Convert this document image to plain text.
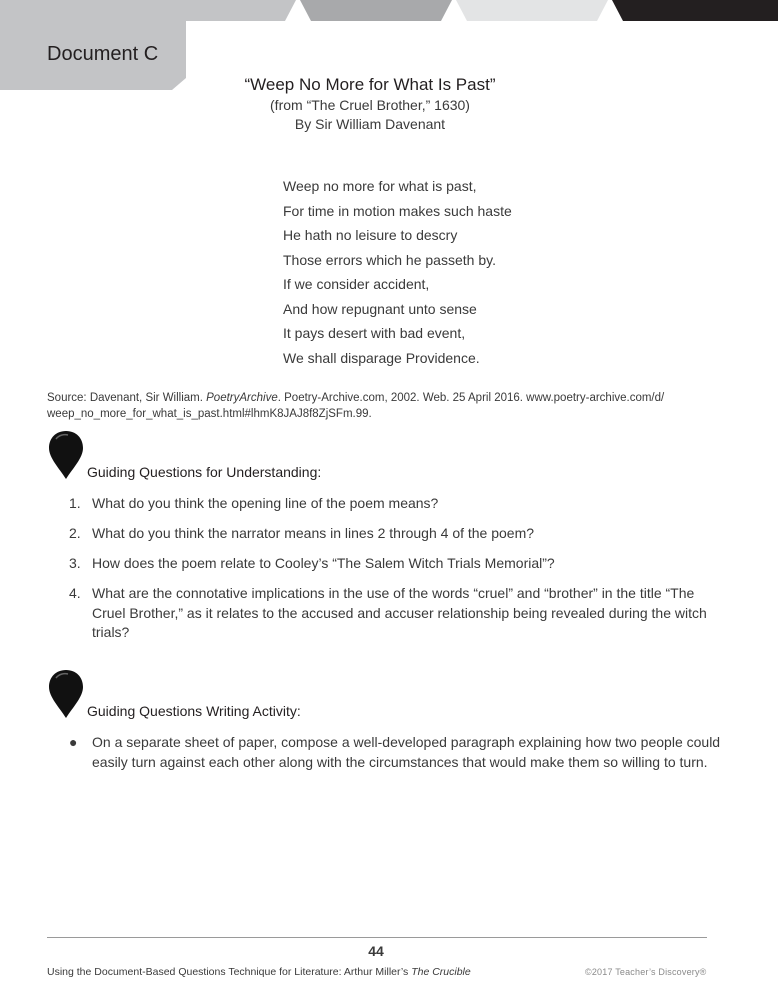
Document C
“Weep No More for What Is Past”
(from “The Cruel Brother,” 1630)
By Sir William Davenant
Weep no more for what is past,
For time in motion makes such haste
He hath no leisure to descry
Those errors which he passeth by.
If we consider accident,
And how repugnant unto sense
It pays desert with bad event,
We shall disparage Providence.
Source: Davenant, Sir William. PoetryArchive. Poetry-Archive.com, 2002. Web. 25 April 2016. www.poetry-archive.com/d/
weep_no_more_for_what_is_past.html#lhmK8JAJ8f8ZjSFm.99.
Guiding Questions for Understanding:
1. What do you think the opening line of the poem means?
2. What do you think the narrator means in lines 2 through 4 of the poem?
3. How does the poem relate to Cooley’s “The Salem Witch Trials Memorial”?
4. What are the connotative implications in the use of the words “cruel” and “brother” in the title “The Cruel Brother,” as it relates to the accused and accuser relationship being revealed during the witch trials?
Guiding Questions Writing Activity:
● On a separate sheet of paper, compose a well-developed paragraph explaining how two people could easily turn against each other along with the circumstances that would make them so willing to turn.
44
Using the Document-Based Questions Technique for Literature: Arthur Miller’s The Crucible	©2017 Teacher’s Discovery®
